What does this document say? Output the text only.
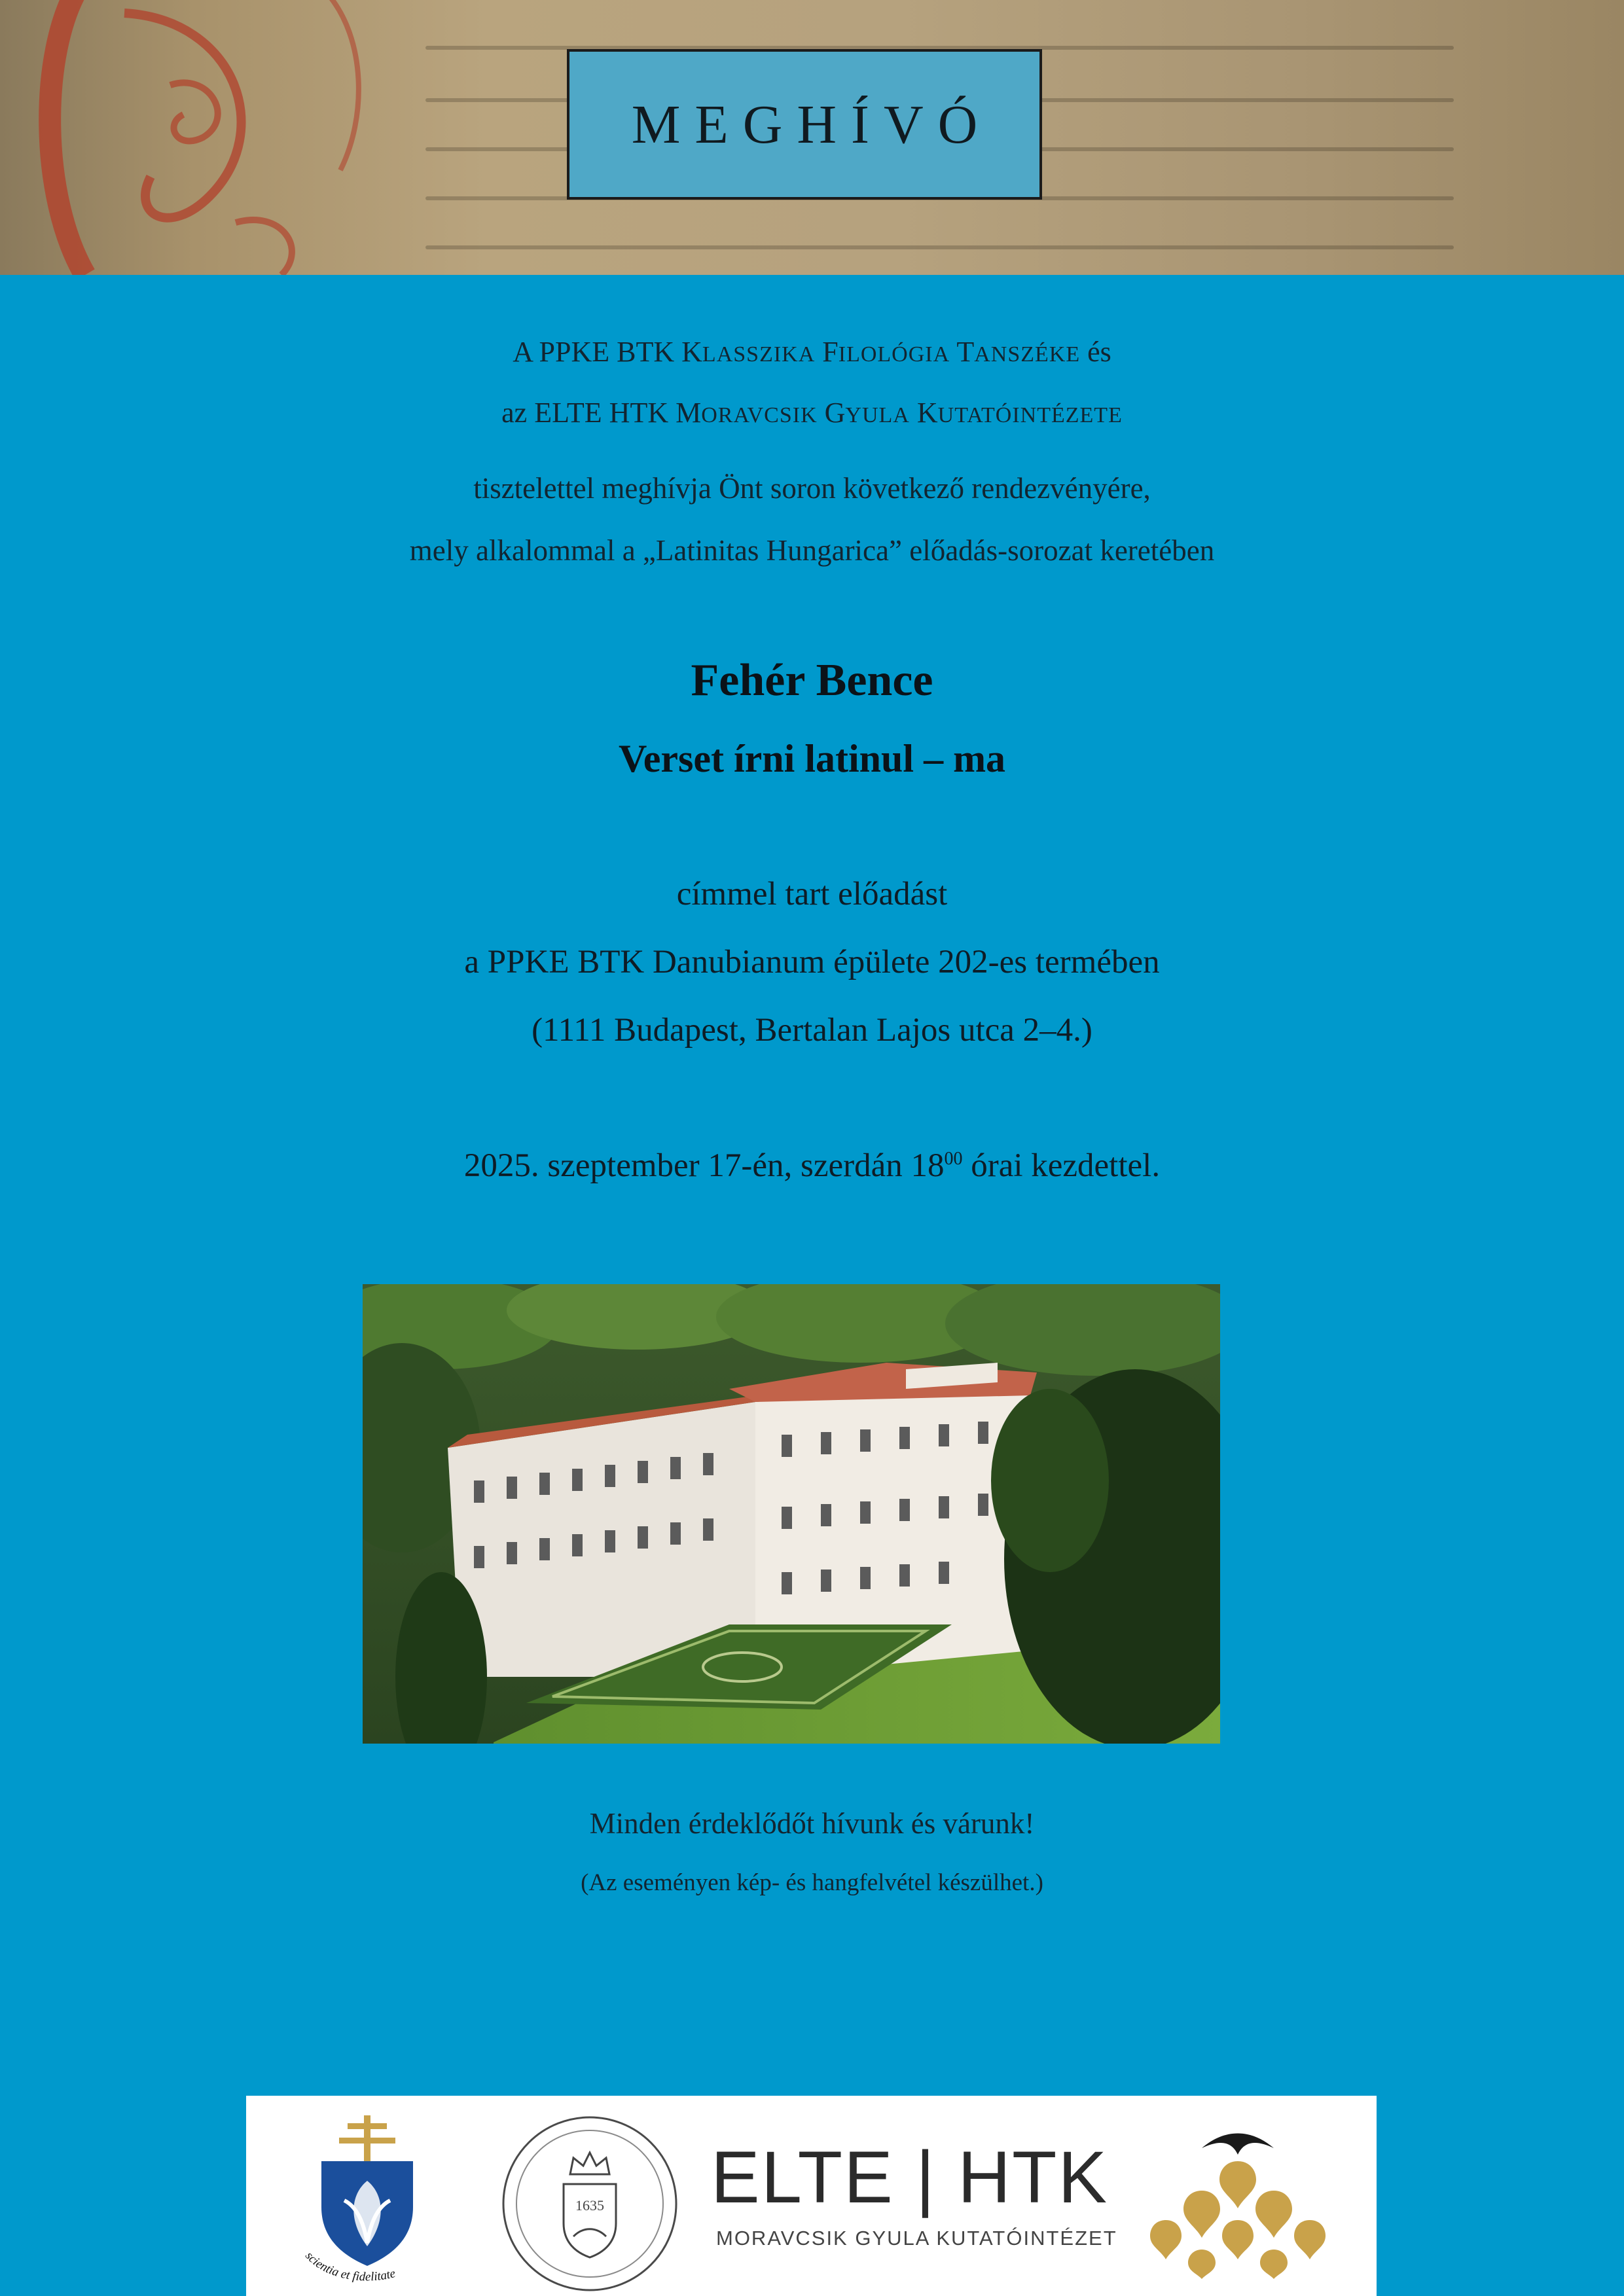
MEGHÍVÓ
A PPKE BTK KLASSZIKA FILOLÓGIA TANSZÉKE és
az ELTE HTK MORAVCSIK GYULA KUTATÓINTÉZETE
tisztelettel meghívja Önt soron következő rendezvényére,
mely alkalommal a „Latinitas Hungarica” előadás-sorozat keretében
Fehér Bence
Verset írni latinul – ma
címmel tart előadást
a PPKE BTK Danubianum épülete 202-es termében
(1111 Budapest, Bertalan Lajos utca 2–4.)
2025. szeptember 17-én, szerdán $18^{00}$ órai kezdettel.
Minden érdeklődőt hívunk és várunk!
(Az eseményen kép- és hangfelvétel készülhet.)
scientia et fidelitate
1635 ELTE | HTK
MORAVCSIK GYULA KUTATÓINTÉZET
